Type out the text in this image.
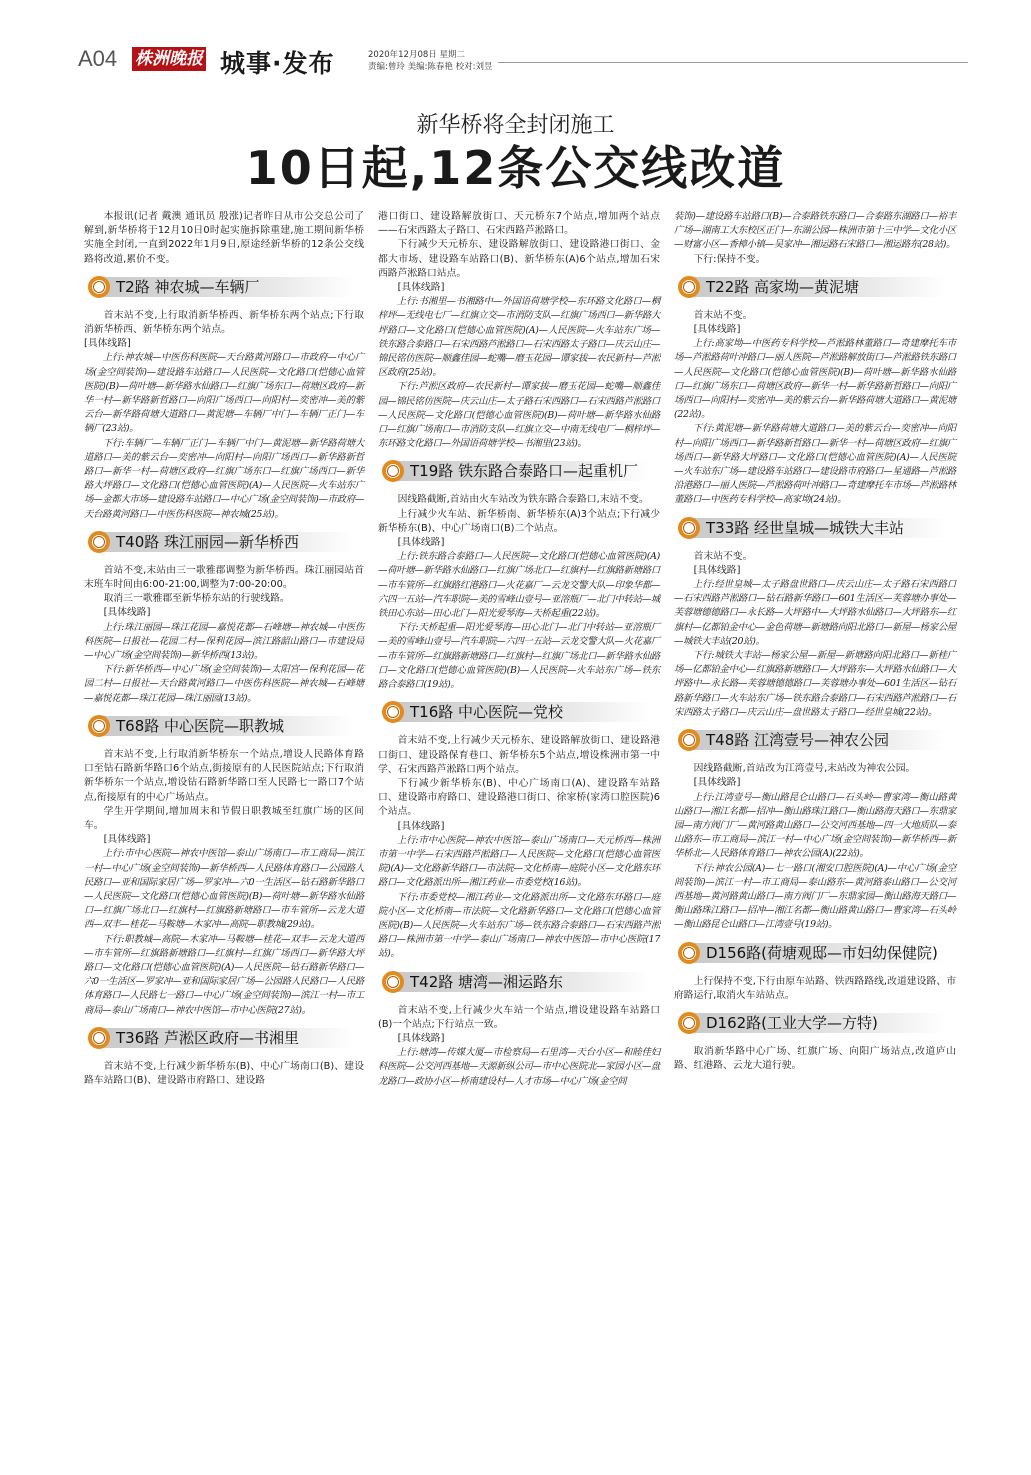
A04 株洲晚报 城事·发布	2020年12月08日 星期二
责编:曾玲 美编:陈春艳 校对:刘昱
新华桥将全封闭施工
10日起,12条公交线改道

本报讯(记者 戴澳 通讯员 殷涨)记者昨日从市公交总公司了解到,新华桥将于12月10日0时起实施拆除重建,施工期间新华桥实施全封闭,一直到2022年1月9日,原途经新华桥的12条公交线路将改道,累价不变。

T2路 神农城—车辆厂

首末站不变,上行取消新华桥西、新华桥东两个站点;下行取消新华桥西、新华桥东两个站点。

[具体线路]

上行:神农城—中医伤科医院—天台路黄河路口—市政府—中心广场(金空间装饰)—建设路车站路口—人民医院—文化路口(恺德心血管医院)(B)—荷叶塘—新华路水仙路口—红旗广场东口—荷塘区政府—新华一村—新华路新哲路口—向阳广场西口—向阳村—奕密冲—美的紫云台—新华路荷塘大道路口—黄泥塘—车辆厂中门—车辆厂正门—车辆厂(23站)。

下行:车辆厂—车辆厂正门—车辆厂中门—黄泥塘—新华路荷塘大道路口—美的紫云台—奕密冲—向阳村—向阳广场西口—新华路新哲路口—新华一村—荷塘区政府—红旗广场东口—红旗广场西口—新华路大坪路口—文化路口(恺德心血管医院)(A)—人民医院—火车站东广场—金都大市场—建设路车站路口—中心广场(金空间装饰)—市政府—天台路黄河路口—中医伤科医院—神农城(25站)。

T40路 珠江丽园—新华桥西

首站不变,末站由三一歌雅郡调整为新华桥西。珠江丽园站首末班车时间由6:00-21:00,调整为7:00-20:00。

取消三一歌雅郡至新华桥东站的行驶线路。

[具体线路]

上行:珠江丽园—珠江花园—嘉悦花都—石峰塘—神农城—中医伤科医院—日报社—花园二村—保利花园—滨江路韶山路口—市建设局—中心广场(金空间装饰)—新华桥西(13站)。

下行:新华桥西—中心广场(金空间装饰)—太阳宫—保利花园—花园二村—日报社—天台路黄河路口—中医伤科医院—神农城—石峰塘—嘉悦花都—珠江花园—珠江丽园(13站)。

T68路 中心医院—职教城

首末站不变,上行取消新华桥东一个站点,增设人民路体育路口至钻石路新华路口6个站点,街接原有的人民医院站点;下行取消新华桥东一个站点,增设钻石路新华路口至人民路七一路口7个站点,衔接原有的中心广场站点。

学生开学期间,增加周末和节假日职教城至红旗广场的区间车。

[具体线路]

上行:市中心医院—神农中医馆—泰山广场南口—市工商局—滨江一村—中心广场(金空间装饰)—新华桥西—人民路体育路口—公园路人民路口—亚和国际家居广场—罗家冲—六0一生活区—钻石路新华路口—人民医院—文化路口(恺德心血管医院)(B)—荷叶塘—新华路水仙路口—红旗广场北口—红旗村—红旗路新塘路口—市车管所—云龙大道西—双丰—桂花—马鞍塘—木家冲—高院—职教城(29站)。

下行:职教城—高院—木家冲—马鞍塘—桂花—双丰—云龙大道西—市车管所—红旗路新塘路口—红旗村—红旗广场西口—新华路大坪路口—文化路口(恺德心血管医院)(A)—人民医院—钻石路新华路口—六0一生活区—罗家冲—亚和国际家居广场—公园路人民路口—人民路体育路口—人民路七一路口—中心广场(金空间装饰)—滨江一村—市工商局—泰山广场南口—神农中医馆—市中心医院(27站)。

T36路 芦淞区政府—书湘里

首末站不变,上行减少新华桥东(B)、中心广场南口(B)、建设路车站路口(B)、建设路市府路口、建设路

港口街口、建设路解放街口、天元桥东7个站点,增加两个站点——石宋西路太子路口、石宋西路芦淞路口。

下行减少天元桥东、建设路解放街口、建设路港口街口、金都大市场、建设路车站路口(B)、新华桥东(A)6个站点,增加石宋西路芦淞路口站点。

[具体线路]

上行:书湘里—书湘路中—外国语荷塘学校—东环路文化路口—桐梓坪—无线电七厂—红旗立交—市消防支队—红旗广场西口—新华路大坪路口—文化路口(恺德心血管医院)(A)—人民医院—火车站东广场—铁东路合泰路口—石宋西路芦淞路口—石宋西路太子路口—庆云山庄—锦民铭仿医院—顺鑫佳园—蛇嘴—磨玉花园—谭家拔—农民新村—芦淞区政府(25站)。

下行:芦淞区政府—农民新村—谭家拔—磨玉花园—蛇嘴—顺鑫佳园—锦民铭仿医院—庆云山庄—太子路石宋西路口—石宋西路芦淞路口—人民医院—文化路口(恺德心血管医院)(B)—荷叶塘—新华路水仙路口—红旗广场南口—市消防支队—红旗立交—中南无线电厂—桐梓坪—东环路文化路口—外国语荷塘学校—书湘里(23站)。

T19路 铁东路合泰路口—起重机厂

因线路截断,首站由火车站改为铁东路合泰路口,末站不变。

上行减少火车站、新华桥南、新华桥东(A)3个站点;下行减少新华桥东(B)、中心广场南口(B)二个站点。

[具体线路]

上行:铁东路合泰路口—人民医院—文化路口(恺德心血管医院)(A)—荷叶塘—新华路水仙路口—红旗广场北口—红旗村—红旗路新塘路口—市车管所—红旗路红港路口—火花嘉厂—云龙交警大队—印象华都—六四一五站—汽车职院—美的雪峰山壹号—亚溶瓶厂—北门中转站—城铁田心东站—田心北门—阳光爱琴海—天桥起重(22站)。

下行:天桥起重—阳光爱琴海—田心北门—北门中转站—亚溶瓶厂—美的雪峰山壹号—汽车职院—六四一五站—云龙交警大队—火花嘉厂—市车管所—红旗路新塘路口—红旗村—红旗广场北口—新华路水仙路口—文化路口(恺德心血管医院)(B)—人民医院—火车站东广场—铁东路合泰路口(19站)。

T16路 中心医院—党校

首末站不变,上行减少天元桥东、建设路解放街口、建设路港口街口、建设路保育巷口、新华桥东5个站点,增设株洲市第一中学、石宋西路芦淞路口两个站点。

下行减少新华桥东(B)、中心广场南口(A)、建设路车站路口、建设路市府路口、建设路港口街口、徐家桥(家湾口腔医院)6个站点。

[具体线路]

上行:市中心医院—神农中医馆—泰山广场南口—天元桥西—株洲市第一中学—石宋西路芦淞路口—人民医院—文化路口(恺德心血管医院)(A)—文化路新华路口—市法院—文化桥南—庭院小区—文化路东环路口—文化路派出所—湘江药业—市委党校(16站)。

下行:市委党校—湘江药业—文化路派出所—文化路东环路口—庭院小区—文化桥南—市法院—文化路新华路口—文化路口(恺德心血管医院)(B)—人民医院—火车站东广场—铁东路合泰路口—石宋西路芦淞路口—株洲市第一中学—泰山广场南口—神农中医馆—市中心医院(17站)。

T42路 塘湾—湘运路东

首末站不变,上行减少火车站一个站点,增设建设路车站路口(B)一个站点;下行站点一致。

[具体线路]

上行:塘湾—传媒大厦—市检察局—石里湾—天台小区—和睦佳妇科医院—公交河西基地—天源新纵公司—市中心医院北—家园小区—盘龙路口—政协小区—桥南建设村—人才市场—中心广场(金空间

装饰)—建设路车站路口(B)—合泰路铁东路口—合泰路东湖路口—裕丰广场—湖南工大东校区正门—东湖公园—株洲市第十三中学—文化小区—财富小区—香樟小镇—吴家冲—湘运路石宋路口—湘运路东(28站)。

下行:保持不变。

T22路 高家坳—黄泥塘

首末站不变。

[具体线路]

上行:高家坳—中医药专科学校—芦淞路林董路口—奇建摩托车市场—芦淞路荷叶冲路口—丽人医院—芦淞路解放街口—芦淞路铁东路口—人民医院—文化路口(恺德心血管医院)(B)—荷叶塘—新华路水仙路口—红旗广场东口—荷塘区政府—新华一村—新华路新哲路口—向阳广场西口—向阳村—奕密冲—美的紫云台—新华路荷塘大道路口—黄泥塘(22站)。

下行:黄泥塘—新华路荷塘大道路口—美的紫云台—奕密冲—向阳村—向阳广场西口—新华路新哲路口—新华一村—荷塘区政府—红旗广场西口—新华路大坪路口—文化路口(恺德心血管医院)(A)—人民医院—火车站东广场—建设路车站路口—建设路市府路口—星通路—芦淞路沿港路口—丽人医院—芦淞路荷叶冲路口—奇建摩托车市场—芦淞路林董路口—中医药专科学校—高家坳(24站)。

T33路 经世皇城—城铁大丰站

首末站不变。

[具体线路]

上行:经世皇城—太子路盘世路口—庆云山庄—太子路石宋西路口—石宋西路芦淞路口—钻石路新华路口—601生活区—芙蓉塘办事处—芙蓉塘德德路口—永长路—大坪路中—大坪路水仙路口—大坪路东—红旗村—亿都铂金中心—金色荷塘—新塘路向阳北路口—新屋—杨家公屋—城铁大丰站(20站)。

下行:城铁大丰站—杨家公屋—新屋—新塘路向阳北路口—新桂广场—亿都铂金中心—红旗路新塘路口—大坪路东—大坪路水仙路口—大坪路中—永长路—芙蓉塘德德路口—芙蓉塘办事处—601生活区—钻石路新华路口—火车站东广场—铁东路合泰路口—石宋西路芦淞路口—石宋西路太子路口—庆云山庄—盘世路太子路口—经世皇城(22站)。

T48路 江湾壹号—神农公园

因线路截断,首站改为江湾壹号,末站改为神农公园。

[具体线路]

上行:江湾壹号—衡山路昆仑山路口—石头岭—曹家湾—衡山路黄山路口—湘江名都—招冲—衡山路珠江路口—衡山路海天路口—东鼎家园—南方阀门厂—黄河路黄山路口—公交河西基地—四一大地质队—泰山路东—市工商局—滨江一村—中心广场(金空间装饰)—新华桥西—新华桥北—人民路体育路口—神农公园(A)(22站)。

下行:神农公园(A)—七一路口(湘安口腔医院)(A)—中心广场(金空间装饰)—滨江一村—市工商局—泰山路东—黄河路泰山路口—公交河西基地—黄河路黄山路口—南方阀门厂—东鼎家园—衡山路海天路口—衡山路珠江路口—招冲—湘江名都—衡山路黄山路口—曹家湾—石头岭—衡山路昆仑山路口—江湾壹号(19站)。

D156路(荷塘观邸—市妇幼保健院)

上行保持不变,下行由原车站路、铁西路路线,改道建设路、市府路运行,取消火车站站点。

D162路(工业大学—方特)

取消新华路中心广场、红旗广场、向阳广场站点,改道庐山路、红港路、云龙大道行驶。
